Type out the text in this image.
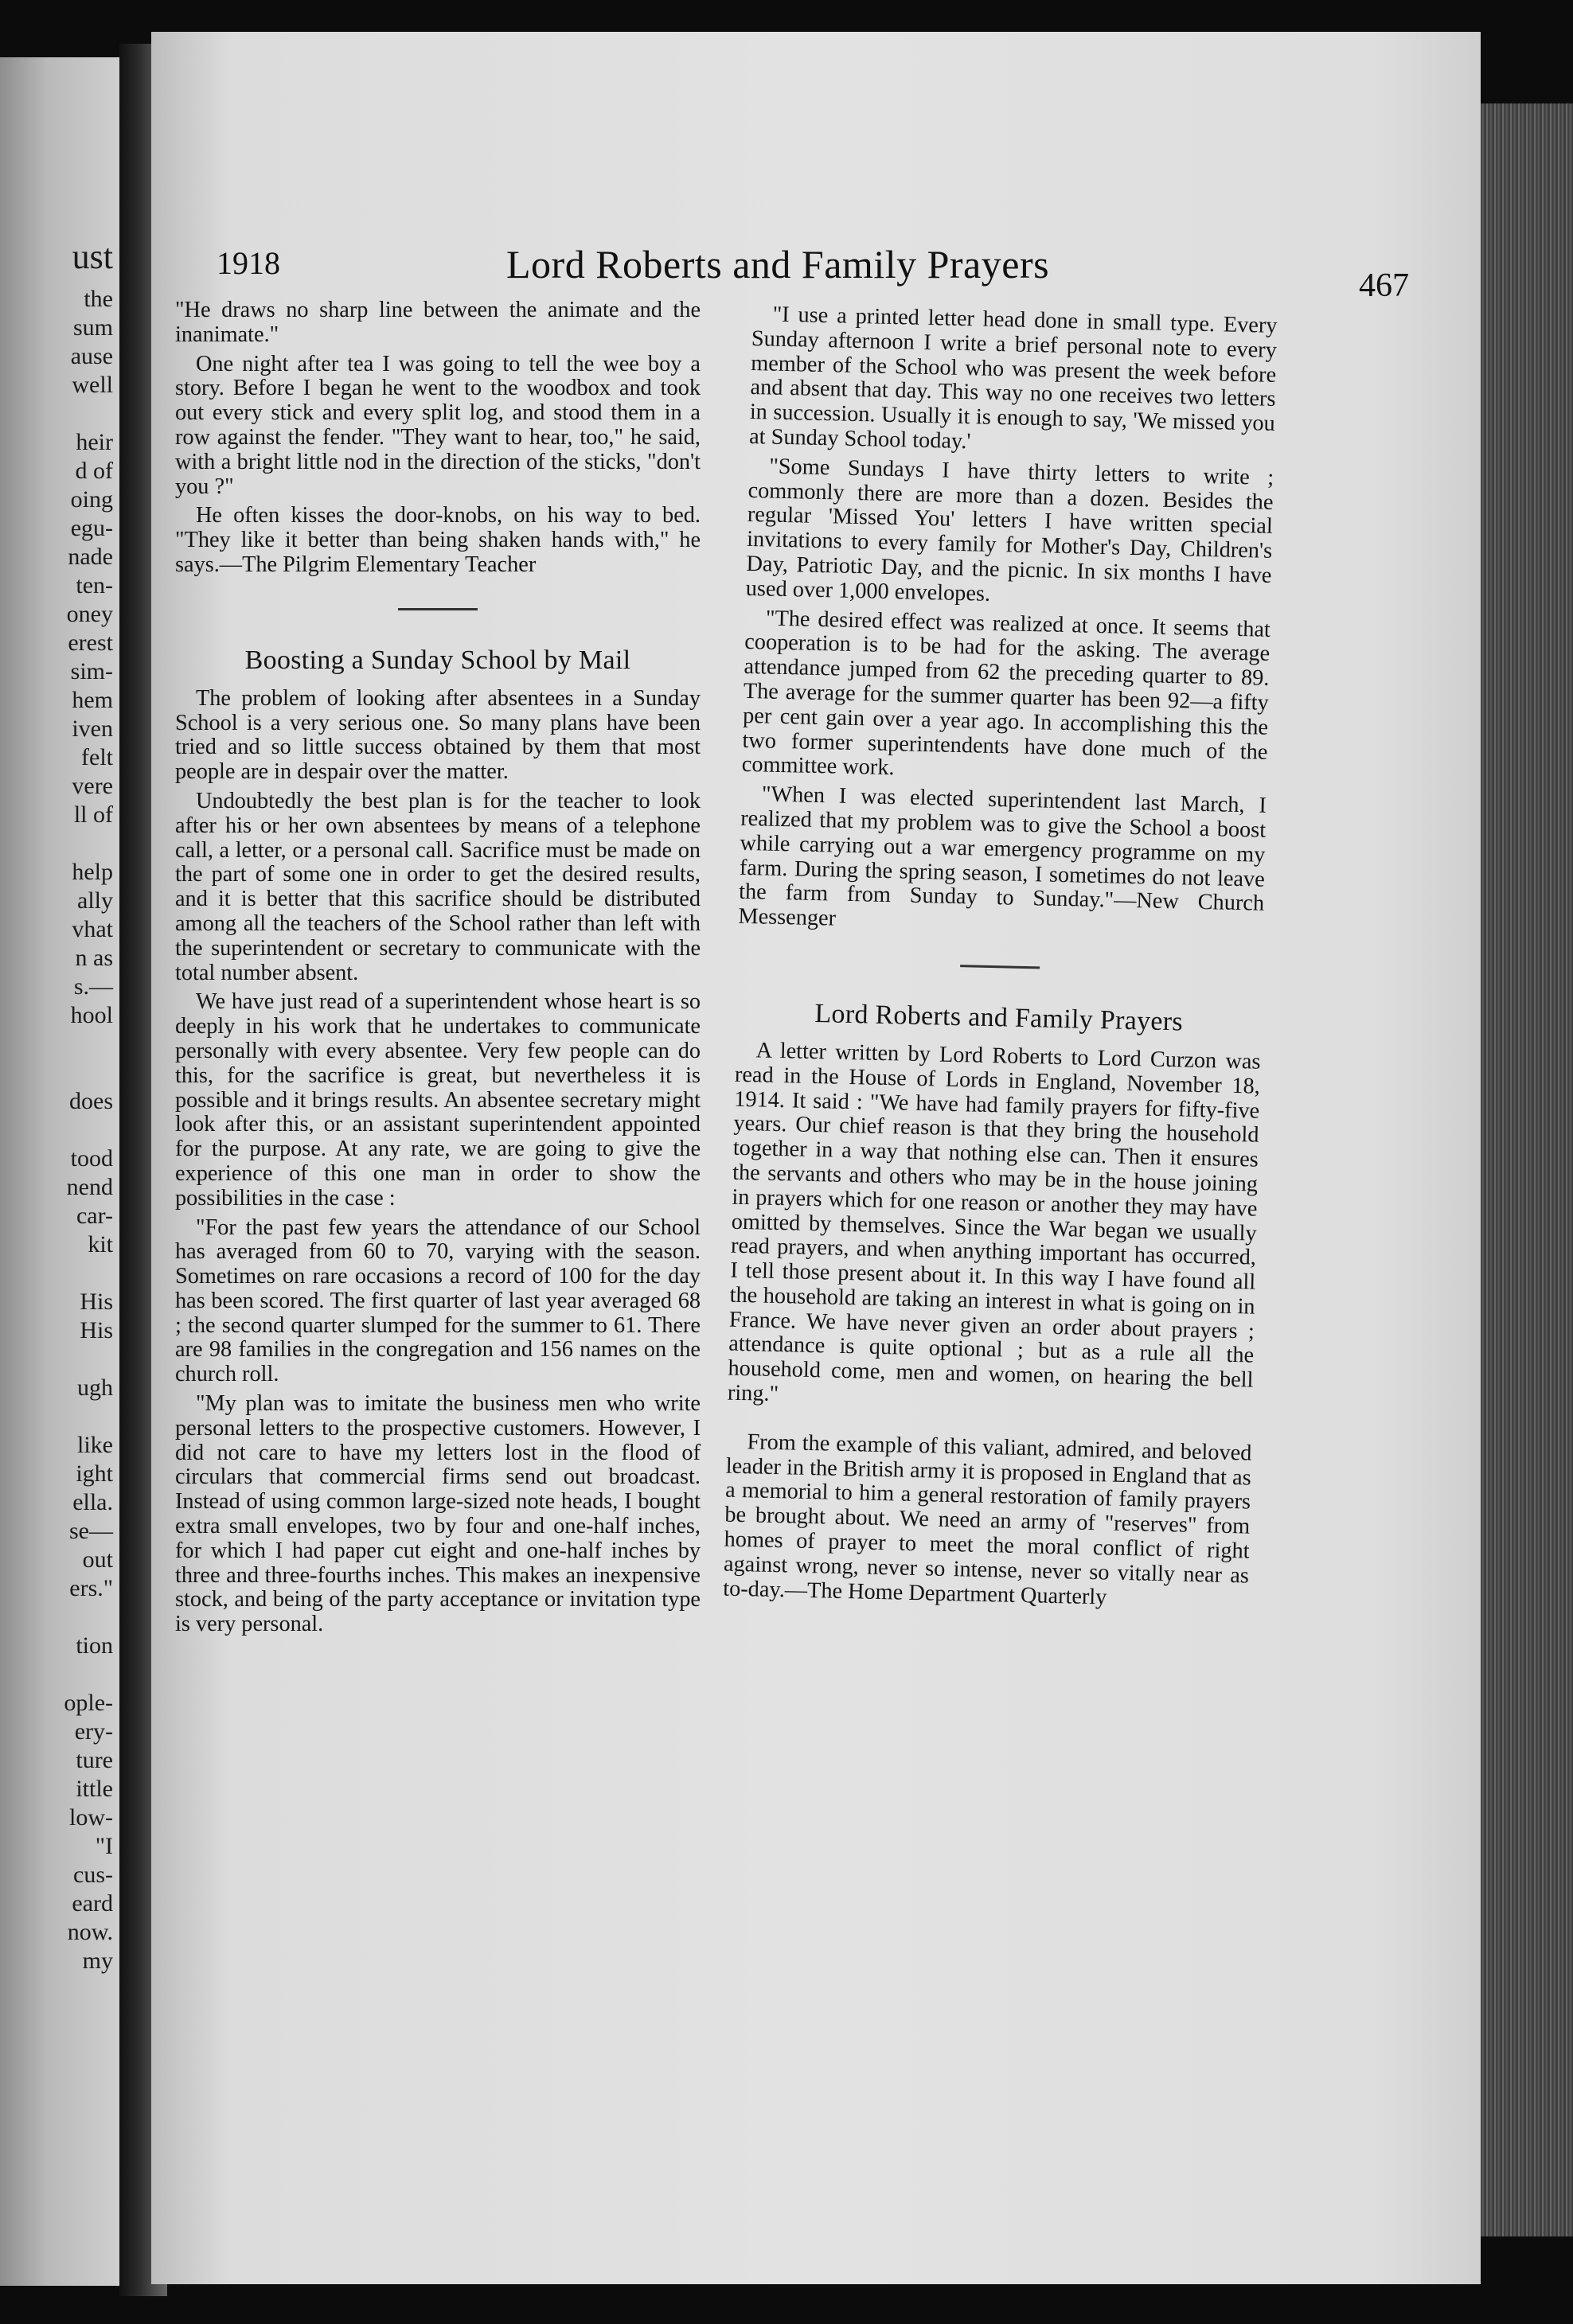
ust
the
sum
ause
well
heir
d of
oing
egu-
nade
ten-
oney
erest
sim-
hem
iven
felt
vere
ll of
help
ally
vhat
n as
s.—
hool
does
tood
nend
car-
kit
His
His
ugh
like
ight
ella.
se—
out
ers."
tion
ople-
ery-
ture
ittle
low-
"I
cus-
eard
now.
my
1918	Lord Roberts and Family Prayers	467

"He draws no sharp line between the animate and the inanimate."

One night after tea I was going to tell the wee boy a story. Before I began he went to the woodbox and took out every stick and every split log, and stood them in a row against the fender. "They want to hear, too," he said, with a bright little nod in the direction of the sticks, "don't you ?"

He often kisses the door-knobs, on his way to bed. "They like it better than being shaken hands with," he says.—The Pilgrim Elementary Teacher

Boosting a Sunday School by Mail

The problem of looking after absentees in a Sunday School is a very serious one. So many plans have been tried and so little success obtained by them that most people are in despair over the matter.

Undoubtedly the best plan is for the teacher to look after his or her own absentees by means of a telephone call, a letter, or a personal call. Sacrifice must be made on the part of some one in order to get the desired results, and it is better that this sacrifice should be distributed among all the teachers of the School rather than left with the superintendent or secretary to communicate with the total number absent.

We have just read of a superintendent whose heart is so deeply in his work that he undertakes to communicate personally with every absentee. Very few people can do this, for the sacrifice is great, but nevertheless it is possible and it brings results. An absentee secretary might look after this, or an assistant superintendent appointed for the purpose. At any rate, we are going to give the experience of this one man in order to show the possibilities in the case :

"For the past few years the attendance of our School has averaged from 60 to 70, varying with the season. Sometimes on rare occasions a record of 100 for the day has been scored. The first quarter of last year averaged 68 ; the second quarter slumped for the summer to 61. There are 98 families in the congregation and 156 names on the church roll.

"My plan was to imitate the business men who write personal letters to the prospective customers. However, I did not care to have my letters lost in the flood of circulars that commercial firms send out broadcast. Instead of using common large-sized note heads, I bought extra small envelopes, two by four and one-half inches, for which I had paper cut eight and one-half inches by three and three-fourths inches. This makes an inexpensive stock, and being of the party acceptance or invitation type is very personal.

"I use a printed letter head done in small type. Every Sunday afternoon I write a brief personal note to every member of the School who was present the week before and absent that day. This way no one receives two letters in succession. Usually it is enough to say, 'We missed you at Sunday School today.'

"Some Sundays I have thirty letters to write ; commonly there are more than a dozen. Besides the regular 'Missed You' letters I have written special invitations to every family for Mother's Day, Children's Day, Patriotic Day, and the picnic. In six months I have used over 1,000 envelopes.

"The desired effect was realized at once. It seems that cooperation is to be had for the asking. The average attendance jumped from 62 the preceding quarter to 89. The average for the summer quarter has been 92—a fifty per cent gain over a year ago. In accomplishing this the two former superintendents have done much of the committee work.

"When I was elected superintendent last March, I realized that my problem was to give the School a boost while carrying out a war emergency programme on my farm. During the spring season, I sometimes do not leave the farm from Sunday to Sunday."—New Church Messenger

Lord Roberts and Family Prayers

A letter written by Lord Roberts to Lord Curzon was read in the House of Lords in England, November 18, 1914. It said : "We have had family prayers for fifty-five years. Our chief reason is that they bring the household together in a way that nothing else can. Then it ensures the servants and others who may be in the house joining in prayers which for one reason or another they may have omitted by themselves. Since the War began we usually read prayers, and when anything important has occurred, I tell those present about it. In this way I have found all the household are taking an interest in what is going on in France. We have never given an order about prayers ; attendance is quite optional ; but as a rule all the household come, men and women, on hearing the bell ring."

From the example of this valiant, admired, and beloved leader in the British army it is proposed in England that as a memorial to him a general restoration of family prayers be brought about. We need an army of "reserves" from homes of prayer to meet the moral conflict of right against wrong, never so intense, never so vitally near as to-day.—The Home Department Quarterly
